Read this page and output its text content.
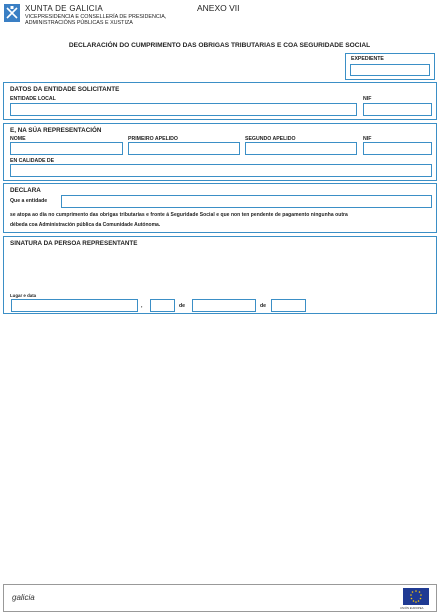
XUNTA DE GALICIA
VICEPRESIDENCIA E CONSELLERÍA DE PRESIDENCIA,
ADMINISTRACIÓNS PÚBLICAS E XUSTIZA
ANEXO VII
DECLARACIÓN DO CUMPRIMENTO DAS OBRIGAS TRIBUTARIAS E COA SEGURIDADE SOCIAL
EXPEDIENTE
DATOS DA ENTIDADE SOLICITANTE
ENTIDADE LOCAL	NIF
E, NA SÚA REPRESENTACIÓN
NOME	PRIMEIRO APELIDO	SEGUNDO APELIDO	NIF
EN CALIDADE DE
DECLARA
Que a entidade
se atopa ao día no cumprimento das obrigas tributarias e fronte á Seguridade Social e que non ten pendente de pagamento ningunha outra
débeda coa Administración pública da Comunidade Autónoma.
SINATURA DA PERSOA REPRESENTANTE
Lugar e data
,	de	de
galicia
UNIÓN EUROPEA
